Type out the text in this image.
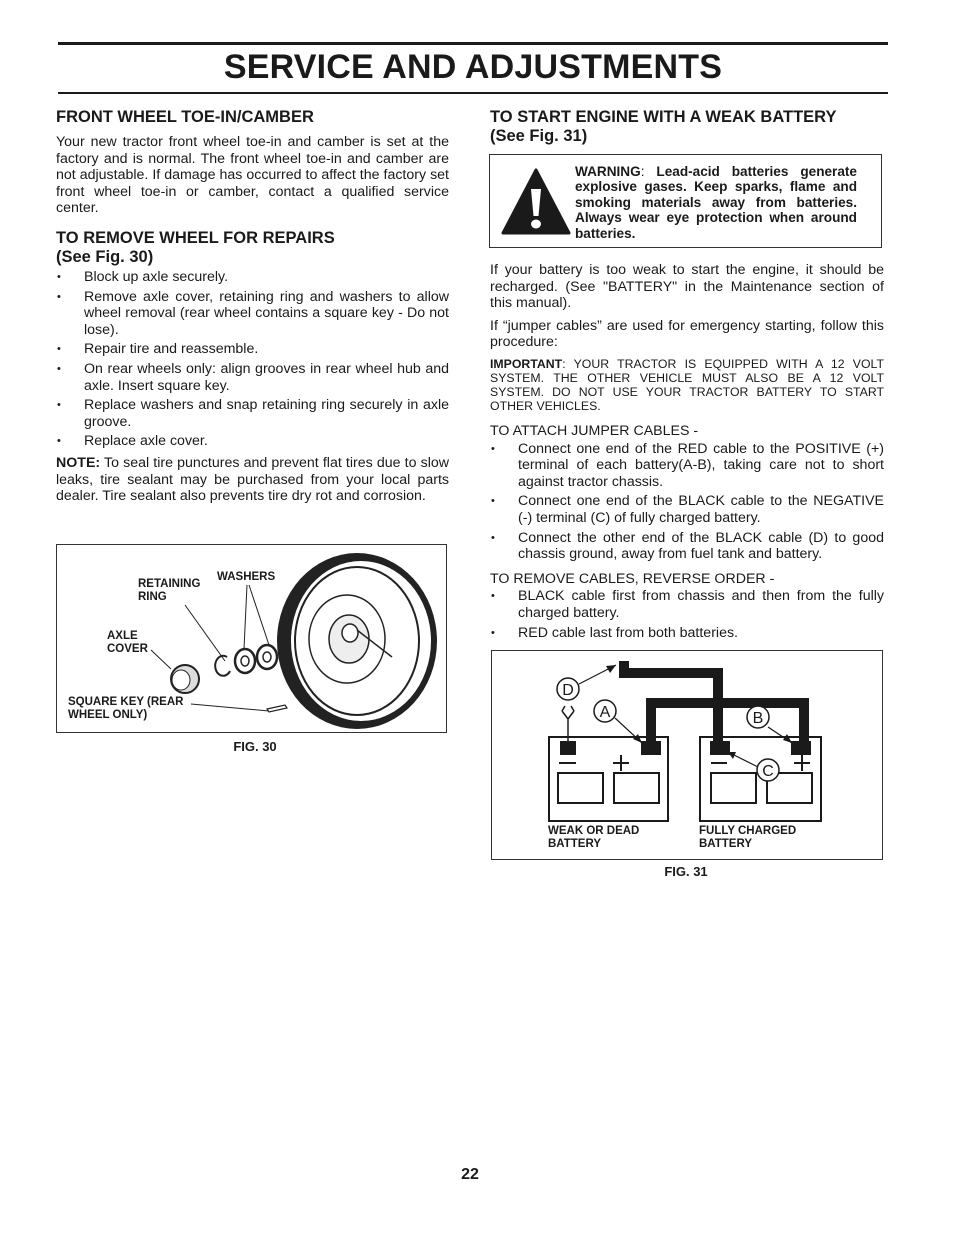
SERVICE AND ADJUSTMENTS
FRONT WHEEL TOE-IN/CAMBER

Your new tractor front wheel toe-in and camber is set at the factory and is normal. The front wheel toe-in and camber are not adjustable. If damage has occurred to affect the factory set front wheel toe-in or camber, contact a qualified service center.

TO REMOVE WHEEL FOR REPAIRS
(See Fig. 30)
• Block up axle securely.
• Remove axle cover, retaining ring and washers to allow wheel removal (rear wheel contains a square key - Do not lose).
• Repair tire and reassemble.
• On rear wheels only: align grooves in rear wheel hub and axle. Insert square key.
• Replace washers and snap retaining ring securely in axle groove.
• Replace axle cover.

NOTE: To seal tire punctures and prevent flat tires due to slow leaks, tire sealant may be purchased from your local parts dealer. Tire sealant also prevents tire dry rot and corrosion.

RETAINING
RING
WASHERS
AXLE
COVER
SQUARE KEY (REAR
WHEEL ONLY)
FIG. 30
TO START ENGINE WITH A WEAK BATTERY
(See Fig. 31)
WARNING: Lead-acid batteries generate explosive gases. Keep sparks, flame and smoking materials away from batteries. Always wear eye protection when around batteries.

If your battery is too weak to start the engine, it should be recharged. (See "BATTERY" in the Maintenance section of this manual).

If “jumper cables” are used for emergency starting, follow this procedure:

IMPORTANT: YOUR TRACTOR IS EQUIPPED WITH A 12 VOLT SYSTEM. THE OTHER VEHICLE MUST ALSO BE A 12 VOLT SYSTEM. DO NOT USE YOUR TRACTOR BATTERY TO START OTHER VEHICLES.

TO ATTACH JUMPER CABLES -

• Connect one end of the RED cable to the POSITIVE (+) terminal of each battery(A-B), taking care not to short against tractor chassis.
• Connect one end of the BLACK cable to the NEGATIVE (-) terminal (C) of fully charged battery.
• Connect the other end of the BLACK cable (D) to good chassis ground, away from fuel tank and battery.

TO REMOVE CABLES, REVERSE ORDER -

• BLACK cable first from chassis and then from the fully charged battery.
• RED cable last from both batteries.
D
A	B
C
WEAK OR DEAD
BATTERY
FULLY CHARGED
BATTERY
FIG. 31
22
